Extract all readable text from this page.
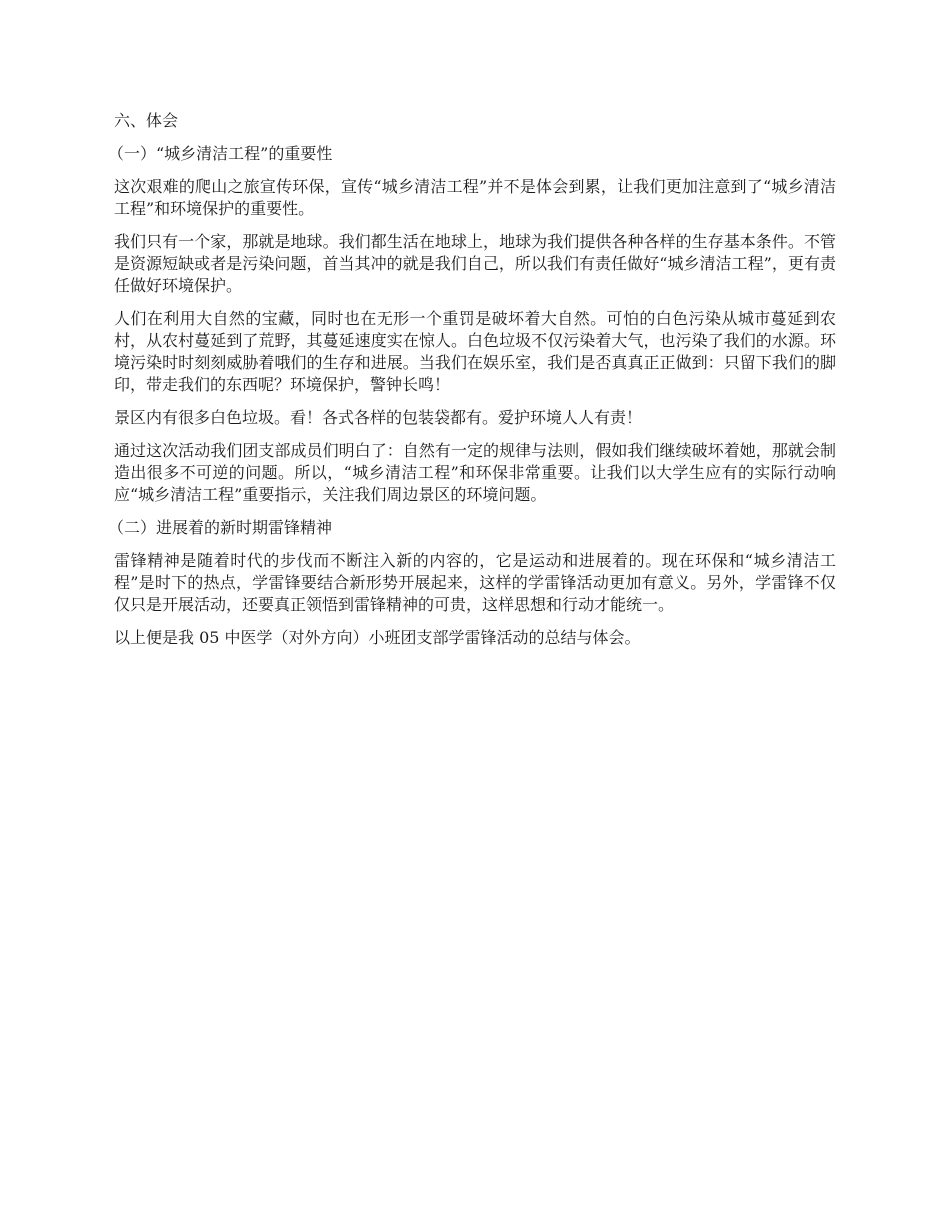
六、体会

（一）“城乡清洁工程”的重要性

这次艰难的爬山之旅宣传环保，宣传“城乡清洁工程”并不是体会到累，让我们更加注意到了“城乡清洁工程”和环境保护的重要性。

我们只有一个家，那就是地球。我们都生活在地球上，地球为我们提供各种各样的生存基本条件。不管是资源短缺或者是污染问题，首当其冲的就是我们自己，所以我们有责任做好“城乡清洁工程”，更有责任做好环境保护。

人们在利用大自然的宝藏，同时也在无形一个重罚是破坏着大自然。可怕的白色污染从城市蔓延到农村，从农村蔓延到了荒野，其蔓延速度实在惊人。白色垃圾不仅污染着大气，也污染了我们的水源。环境污染时时刻刻威胁着哦们的生存和进展。当我们在娱乐室，我们是否真真正正做到：只留下我们的脚印，带走我们的东西呢？环境保护，警钟长鸣！

景区内有很多白色垃圾。看！各式各样的包装袋都有。爱护环境人人有责！

通过这次活动我们团支部成员们明白了：自然有一定的规律与法则，假如我们继续破坏着她，那就会制造出很多不可逆的问题。所以，“城乡清洁工程”和环保非常重要。让我们以大学生应有的实际行动响应“城乡清洁工程”重要指示，关注我们周边景区的环境问题。

（二）进展着的新时期雷锋精神

雷锋精神是随着时代的步伐而不断注入新的内容的，它是运动和进展着的。现在环保和“城乡清洁工程”是时下的热点，学雷锋要结合新形势开展起来，这样的学雷锋活动更加有意义。另外，学雷锋不仅仅只是开展活动，还要真正领悟到雷锋精神的可贵，这样思想和行动才能统一。

以上便是我 05 中医学（对外方向）小班团支部学雷锋活动的总结与体会。
